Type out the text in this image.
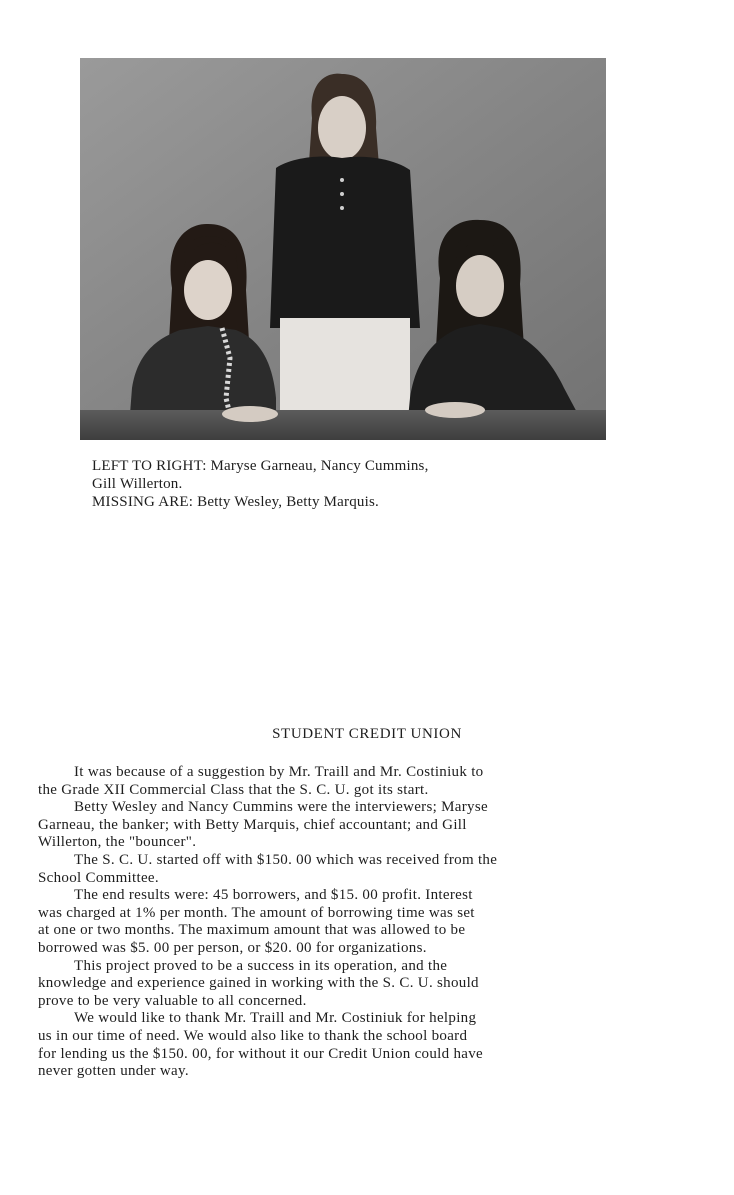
LEFT TO RIGHT: Maryse Garneau, Nancy Cummins,
Gill Willerton.
MISSING ARE: Betty Wesley, Betty Marquis.
STUDENT CREDIT UNION
It was because of a suggestion by Mr. Traill and Mr. Costiniuk to
the Grade XII Commercial Class that the S. C. U. got its start.
Betty Wesley and Nancy Cummins were the interviewers; Maryse
Garneau, the banker; with Betty Marquis, chief accountant; and Gill
Willerton, the "bouncer".
The S. C. U. started off with $150. 00 which was received from the
School Committee.
The end results were: 45 borrowers, and $15. 00 profit. Interest
was charged at 1% per month. The amount of borrowing time was set
at one or two months. The maximum amount that was allowed to be
borrowed was $5. 00 per person, or $20. 00 for organizations.
This project proved to be a success in its operation, and the
knowledge and experience gained in working with the S. C. U. should
prove to be very valuable to all concerned.
We would like to thank Mr. Traill and Mr. Costiniuk for helping
us in our time of need. We would also like to thank the school board
for lending us the $150. 00, for without it our Credit Union could have
never gotten under way.
